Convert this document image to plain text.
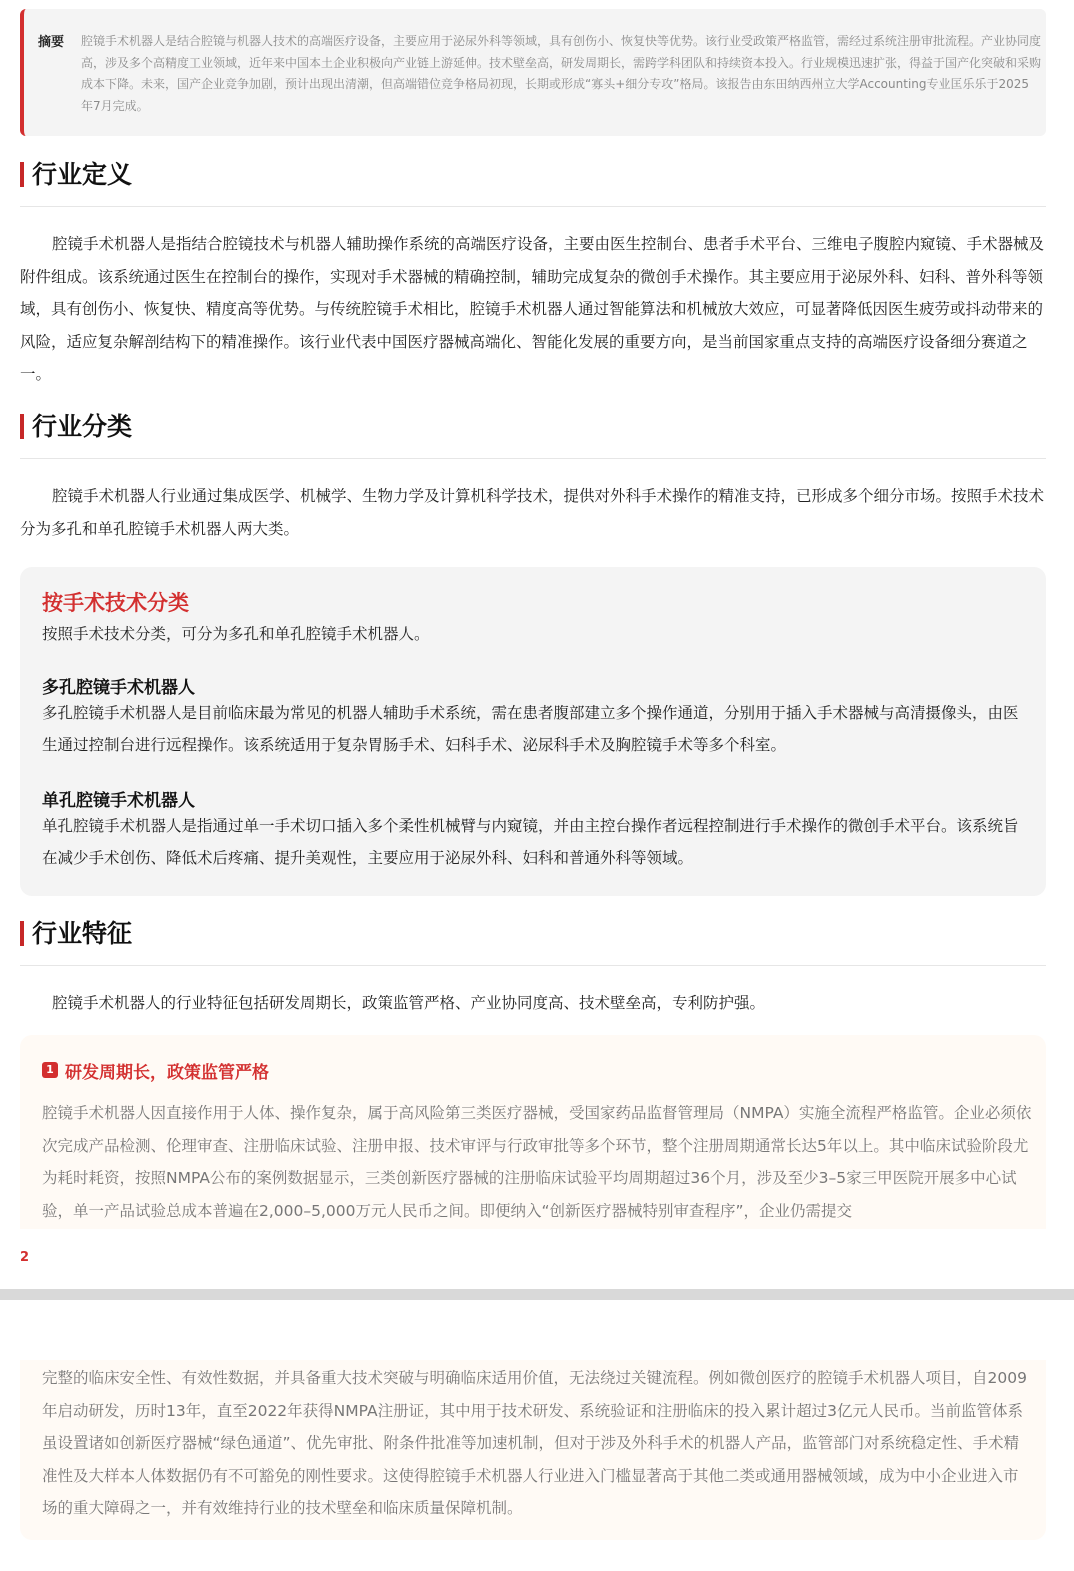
摘要 腔镜手术机器人是结合腔镜与机器人技术的高端医疗设备，主要应用于泌尿外科等领域，具有创伤小、恢复快等优势。该行业受政策严格监管，需经过系统注册审批流程。产业协同度高，涉及多个高精度工业领域，近年来中国本土企业积极向产业链上游延伸。技术壁垒高，研发周期长，需跨学科团队和持续资本投入。行业规模迅速扩张，得益于国产化突破和采购成本下降。未来，国产企业竞争加剧，预计出现出清潮，但高端错位竞争格局初现，长期或形成“寡头+细分专攻”格局。该报告由东田纳西州立大学Accounting专业匡乐乐于2025年7月完成。
行业定义

腔镜手术机器人是指结合腔镜技术与机器人辅助操作系统的高端医疗设备，主要由医生控制台、患者手术平台、三维电子腹腔内窥镜、手术器械及附件组成。该系统通过医生在控制台的操作，实现对手术器械的精确控制，辅助完成复杂的微创手术操作。其主要应用于泌尿外科、妇科、普外科等领域，具有创伤小、恢复快、精度高等优势。与传统腔镜手术相比，腔镜手术机器人通过智能算法和机械放大效应，可显著降低因医生疲劳或抖动带来的风险，适应复杂解剖结构下的精准操作。该行业代表中国医疗器械高端化、智能化发展的重要方向，是当前国家重点支持的高端医疗设备细分赛道之一。

行业分类

腔镜手术机器人行业通过集成医学、机械学、生物力学及计算机科学技术，提供对外科手术操作的精准支持，已形成多个细分市场。按照手术技术分为多孔和单孔腔镜手术机器人两大类。

按手术技术分类
按照手术技术分类，可分为多孔和单孔腔镜手术机器人。
多孔腔镜手术机器人

多孔腔镜手术机器人是目前临床最为常见的机器人辅助手术系统，需在患者腹部建立多个操作通道，分别用于插入手术器械与高清摄像头，由医生通过控制台进行远程操作。该系统适用于复杂胃肠手术、妇科手术、泌尿科手术及胸腔镜手术等多个科室。

单孔腔镜手术机器人

单孔腔镜手术机器人是指通过单一手术切口插入多个柔性机械臂与内窥镜，并由主控台操作者远程控制进行手术操作的微创手术平台。该系统旨在减少手术创伤、降低术后疼痛、提升美观性，主要应用于泌尿外科、妇科和普通外科等领域。

行业特征

腔镜手术机器人的行业特征包括研发周期长，政策监管严格、产业协同度高、技术壁垒高，专利防护强。

1 研发周期长，政策监管严格

腔镜手术机器人因直接作用于人体、操作复杂，属于高风险第三类医疗器械，受国家药品监督管理局（NMPA）实施全流程严格监管。企业必须依次完成产品检测、伦理审查、注册临床试验、注册申报、技术审评与行政审批等多个环节，整个注册周期通常长达5年以上。其中临床试验阶段尤为耗时耗资，按照NMPA公布的案例数据显示，三类创新医疗器械的注册临床试验平均周期超过36个月，涉及至少3–5家三甲医院开展多中心试验，单一产品试验总成本普遍在2,000–5,000万元人民币之间。即便纳入“创新医疗器械特别审查程序”，企业仍需提交

2

完整的临床安全性、有效性数据，并具备重大技术突破与明确临床适用价值，无法绕过关键流程。例如微创医疗的腔镜手术机器人项目，自2009年启动研发，历时13年，直至2022年获得NMPA注册证，其中用于技术研发、系统验证和注册临床的投入累计超过3亿元人民币。当前监管体系虽设置诸如创新医疗器械“绿色通道”、优先审批、附条件批准等加速机制，但对于涉及外科手术的机器人产品，监管部门对系统稳定性、手术精准性及大样本人体数据仍有不可豁免的刚性要求。这使得腔镜手术机器人行业进入门槛显著高于其他二类或通用器械领域，成为中小企业进入市场的重大障碍之一，并有效维持行业的技术壁垒和临床质量保障机制。
